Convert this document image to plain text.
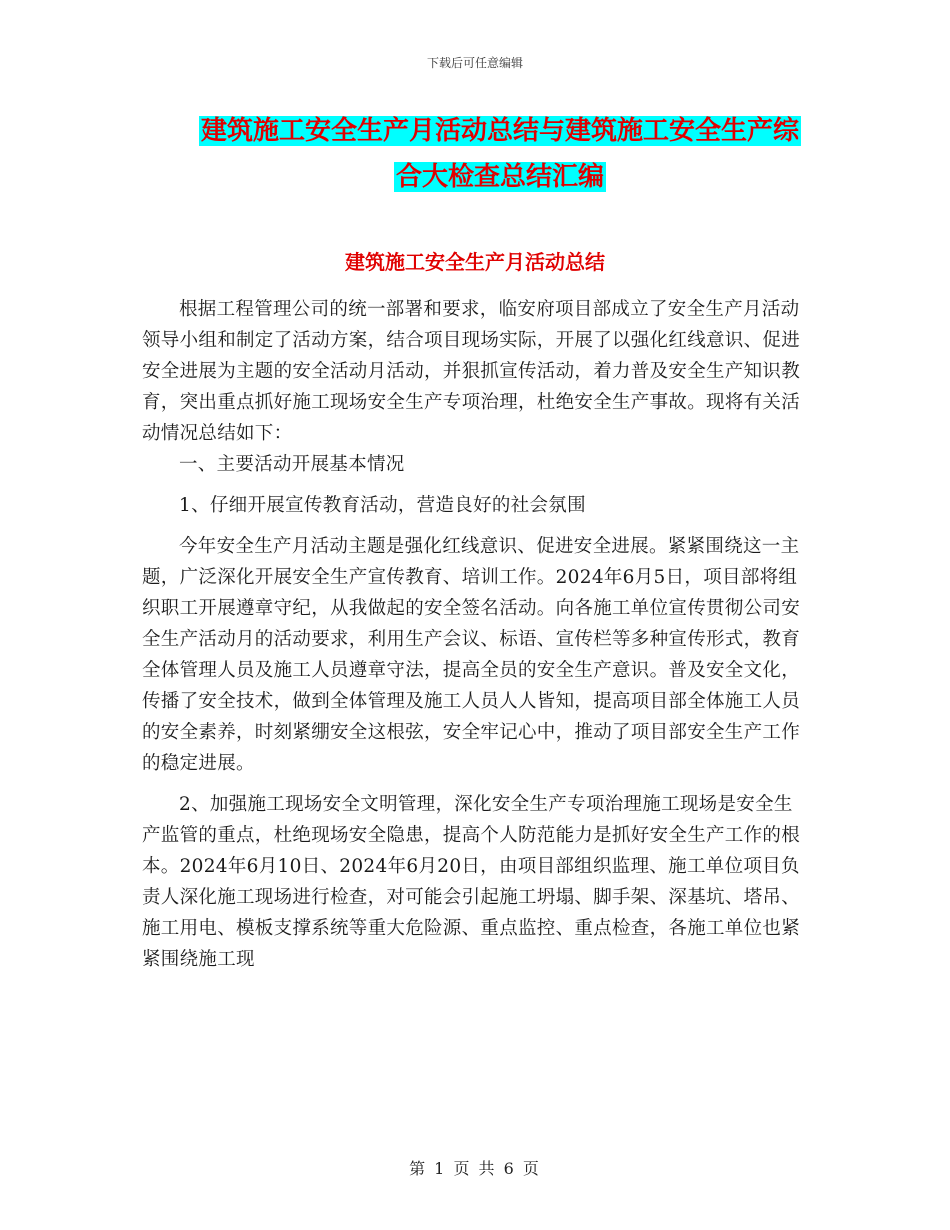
下载后可任意编辑
建筑施工安全生产月活动总结与建筑施工安全生产综
合大检查总结汇编
建筑施工安全生产月活动总结

根据工程管理公司的统一部署和要求，临安府项目部成立了安全生产月活动领导小组和制定了活动方案，结合项目现场实际，开展了以强化红线意识、促进安全进展为主题的安全活动月活动，并狠抓宣传活动，着力普及安全生产知识教育，突出重点抓好施工现场安全生产专项治理，杜绝安全生产事故。现将有关活动情况总结如下：

一、主要活动开展基本情况

1、仔细开展宣传教育活动，营造良好的社会氛围

今年安全生产月活动主题是强化红线意识、促进安全进展。紧紧围绕这一主题，广泛深化开展安全生产宣传教育、培训工作。2024年6月5日，项目部将组织职工开展遵章守纪，从我做起的安全签名活动。向各施工单位宣传贯彻公司安全生产活动月的活动要求，利用生产会议、标语、宣传栏等多种宣传形式，教育全体管理人员及施工人员遵章守法，提高全员的安全生产意识。普及安全文化，传播了安全技术，做到全体管理及施工人员人人皆知，提高项目部全体施工人员的安全素养，时刻紧绷安全这根弦，安全牢记心中，推动了项目部安全生产工作的稳定进展。

2、加强施工现场安全文明管理，深化安全生产专项治理施工现场是安全生产监管的重点，杜绝现场安全隐患，提高个人防范能力是抓好安全生产工作的根本。2024年6月10日、2024年6月20日，由项目部组织监理、施工单位项目负责人深化施工现场进行检查，对可能会引起施工坍塌、脚手架、深基坑、塔吊、施工用电、模板支撑系统等重大危险源、重点监控、重点检查，各施工单位也紧紧围绕施工现

第 1 页 共 6 页
